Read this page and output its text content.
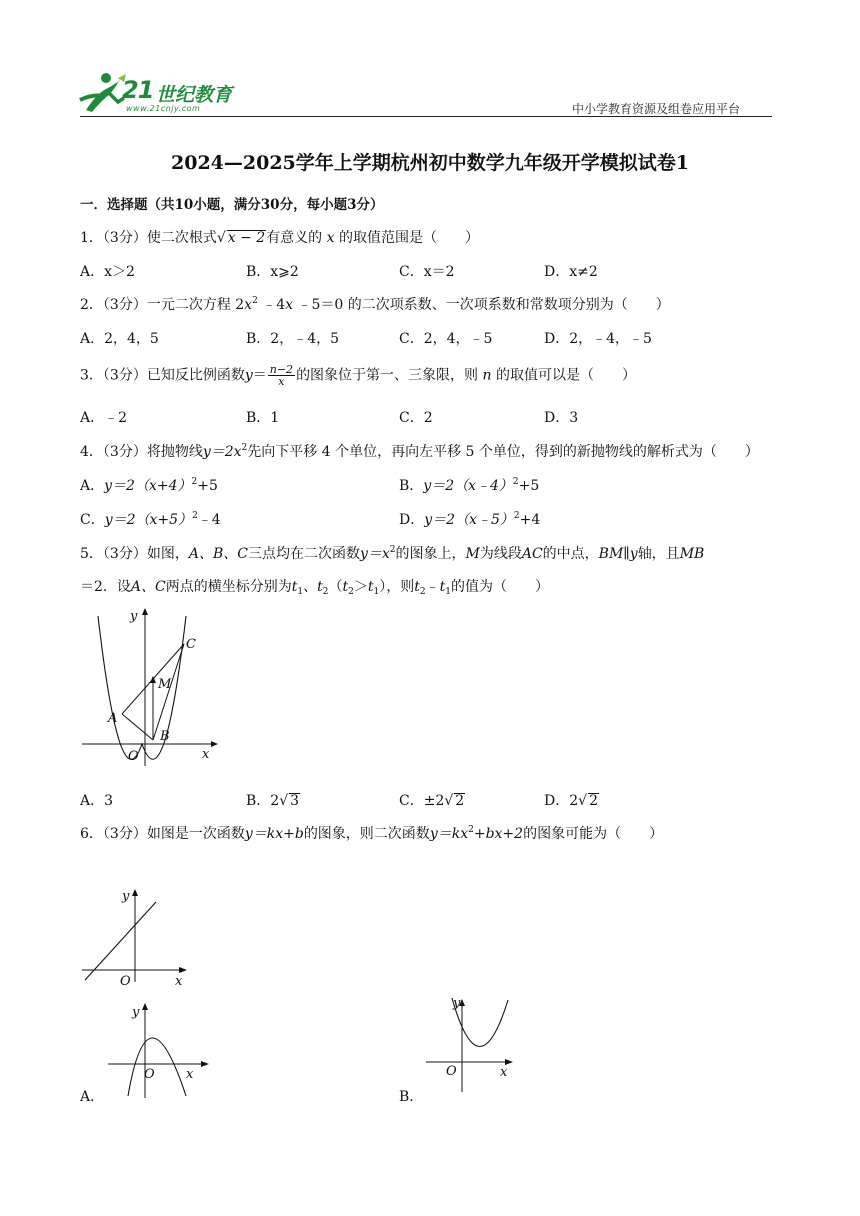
21 世纪教育
www.21cnjy.com	中小学教育资源及组卷应用平台
2024—2025学年上学期杭州初中数学九年级开学模拟试卷1
一．选择题（共10小题，满分30分，每小题3分）
1．（3分）使二次根式√ x − 2有意义的 x 的取值范围是（　　）
A．x＞2	B．x⩾2	C．x＝2	D．x≠2
2．（3分）一元二次方程 $2x^2$ ﹣4x ﹣5＝0 的二次项系数、一次项系数和常数项分别为（　　）
A．2，4，5	B．2，﹣4，5	C．2，4，﹣5	D．2，﹣4，﹣5
3．（3分）已知反比例函数$y= \frac{n-2}{x}$ 的图象位于第一、三象限，则 n 的取值可以是（　　）
A．﹣2	B．1	C．2	D．3
4．（3分）将抛物线$y=2x^2$先向下平移 4 个单位，再向左平移 5 个单位，得到的新抛物线的解析式为（　　）
A．$y=2(x+4)^2+5$	B．y＝2（x﹣4）$^2$+5
C．$y=2(x+5)^2﹣4$	D．y＝2（x﹣5）$^2$+4
5．（3分）如图，A、B、C三点均在二次函数$y=x^2$的图象上，M为线段AC的中点，BM∥y轴，且MB
＝2．设A、C两点的横坐标分别为$t_1$、$t_2(t_2>t_1)$，则$t_2﹣t_1$的值为（　　）
y
x
O
A
B
C
M
A．3	B．2√ 3	C．±2√ 2	D．2√ 2
6．（3分）如图是一次函数y＝kx+b的图象，则二次函数$y=kx^2+bx+2$的图象可能为（　　）
y
x
O
y
x
O
A．
y
x
O
B．
